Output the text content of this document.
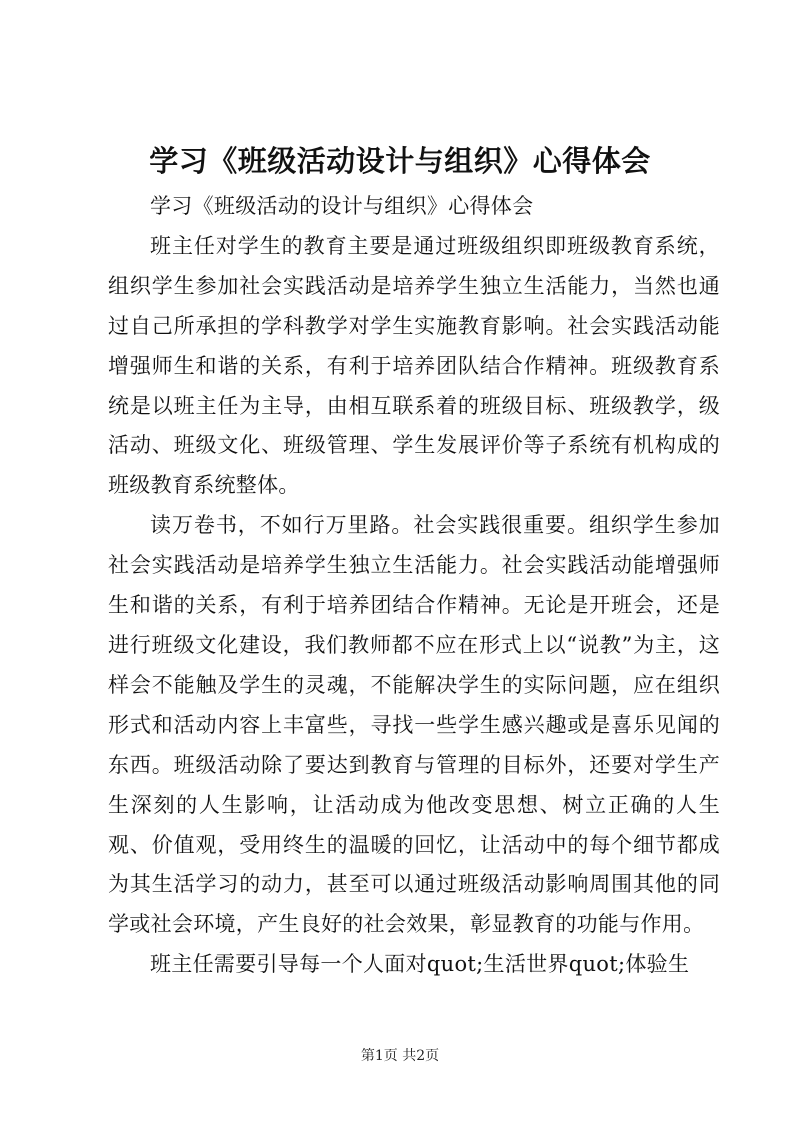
学习《班级活动设计与组织》心得体会

学习《班级活动的设计与组织》心得体会

班主任对学生的教育主要是通过班级组织即班级教育系统，组织学生参加社会实践活动是培养学生独立生活能力，当然也通过自己所承担的学科教学对学生实施教育影响。社会实践活动能增强师生和谐的关系，有利于培养团队结合作精神。班级教育系统是以班主任为主导，由相互联系着的班级目标、班级教学，级活动、班级文化、班级管理、学生发展评价等子系统有机构成的班级教育系统整体。

读万卷书，不如行万里路。社会实践很重要。组织学生参加社会实践活动是培养学生独立生活能力。社会实践活动能增强师生和谐的关系，有利于培养团结合作精神。无论是开班会，还是进行班级文化建设，我们教师都不应在形式上以“说教”为主，这样会不能触及学生的灵魂，不能解决学生的实际问题，应在组织形式和活动内容上丰富些，寻找一些学生感兴趣或是喜乐见闻的东西。班级活动除了要达到教育与管理的目标外，还要对学生产生深刻的人生影响，让活动成为他改变思想、树立正确的人生观、价值观，受用终生的温暖的回忆，让活动中的每个细节都成为其生活学习的动力，甚至可以通过班级活动影响周围其他的同学或社会环境，产生良好的社会效果，彰显教育的功能与作用。

班主任需要引导每一个人面对quot;生活世界quot;体验生

第1页 共2页
